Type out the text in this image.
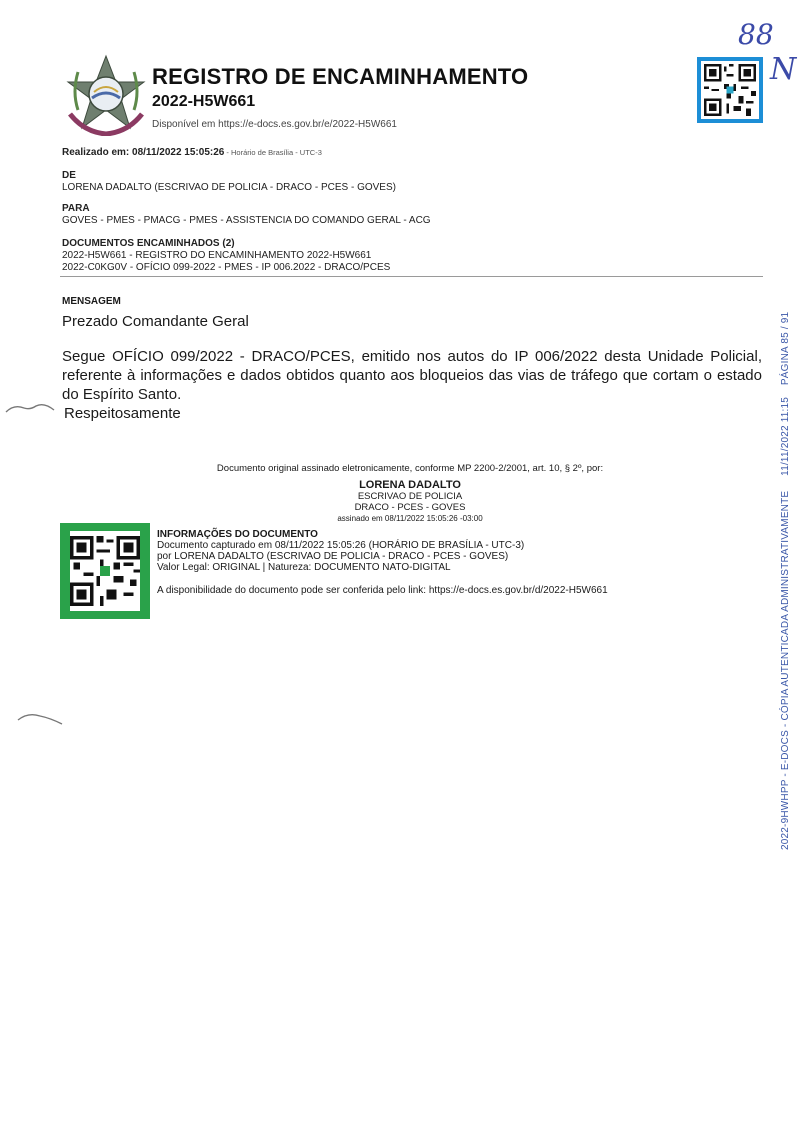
REGISTRO DE ENCAMINHAMENTO
2022-H5W661
Disponível em https://e-docs.es.gov.br/e/2022-H5W661
88
N
Realizado em: 08/11/2022 15:05:26 - Horário de Brasília - UTC-3
DE
LORENA DADALTO (ESCRIVAO DE POLICIA - DRACO - PCES - GOVES)
PARA
GOVES - PMES - PMACG - PMES - ASSISTENCIA DO COMANDO GERAL - ACG
DOCUMENTOS ENCAMINHADOS (2)
2022-H5W661 - REGISTRO DO ENCAMINHAMENTO 2022-H5W661
2022-C0KG0V - OFÍCIO 099-2022 - PMES - IP 006.2022 - DRACO/PCES
MENSAGEM
Prezado Comandante Geral
Segue OFÍCIO 099/2022 - DRACO/PCES, emitido nos autos do IP 006/2022 desta Unidade Policial, referente à informações e dados obtidos quanto aos bloqueios das vias de tráfego que cortam o estado do Espírito Santo.
Respeitosamente
Documento original assinado eletronicamente, conforme MP 2200-2/2001, art. 10, § 2º, por:
LORENA DADALTO
ESCRIVAO DE POLICIA
DRACO - PCES - GOVES
assinado em 08/11/2022 15:05:26 -03:00
INFORMAÇÕES DO DOCUMENTO
Documento capturado em 08/11/2022 15:05:26 (HORÁRIO DE BRASÍLIA - UTC-3)
por LORENA DADALTO (ESCRIVAO DE POLICIA - DRACO - PCES - GOVES)
Valor Legal: ORIGINAL | Natureza: DOCUMENTO NATO-DIGITAL
A disponibilidade do documento pode ser conferida pelo link: https://e-docs.es.gov.br/d/2022-H5W661	2022-9HWHPP - E-DOCS - CÓPIA AUTENTICADA ADMINISTRATIVAMENTE     11/11/2022 11:15    PÁGINA 85 / 91
